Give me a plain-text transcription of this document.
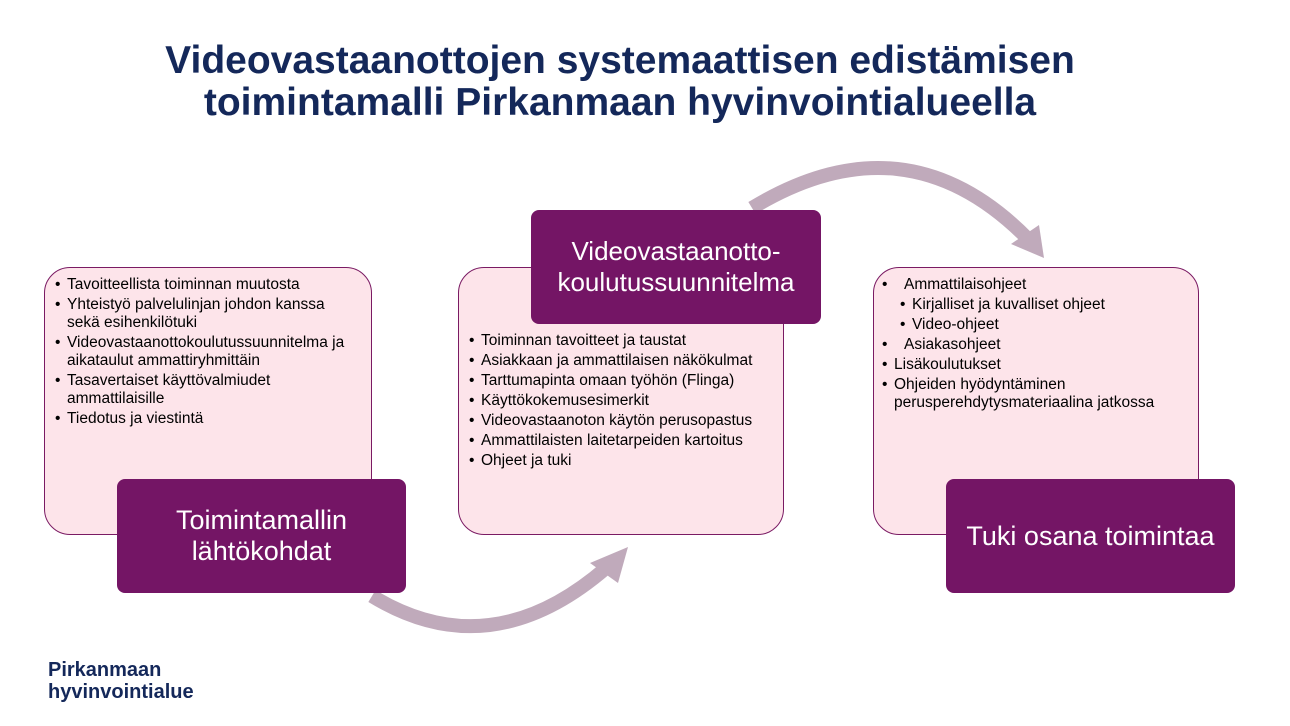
Videovastaanottojen systemaattisen edistämisen toimintamalli Pirkanmaan hyvinvointialueella
• Tavoitteellista toiminnan muutosta
• Yhteistyö palvelulinjan johdon kanssa sekä esihenkilötuki
• Videovastaanottokoulutussuunnitelma ja aikataulut ammattiryhmittäin
• Tasavertaiset käyttövalmiudet ammattilaisille
• Tiedotus ja viestintä
Toimintamallin lähtökohdat
• Toiminnan tavoitteet ja taustat
• Asiakkaan ja ammattilaisen näkökulmat
• Tarttumapinta omaan työhön (Flinga)
• Käyttökokemusesimerkit
• Videovastaanoton käytön perusopastus
• Ammattilaisten laitetarpeiden kartoitus
• Ohjeet ja tuki
Videovastaanotto-koulutussuunnitelma
•	Ammattilaisohjeet
• Kirjalliset ja kuvalliset ohjeet
• Video-ohjeet
• Asiakasohjeet
• Lisäkoulutukset
• Ohjeiden hyödyntäminen perusperehdytysmateriaalina jatkossa
Tuki osana toimintaa
Pirkanmaan
hyvinvointialue
